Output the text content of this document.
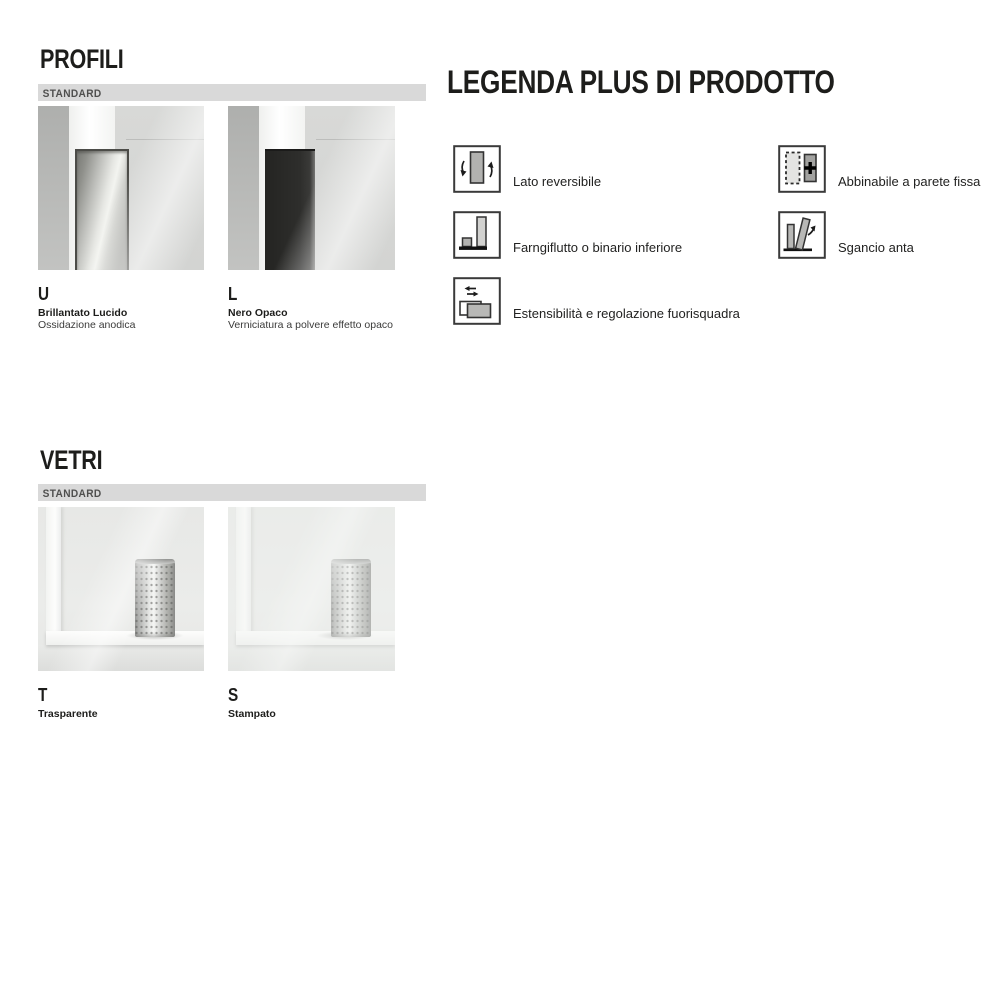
PROFILI
STANDARD
U
Brillantato Lucido
Ossidazione anodica
L
Nero Opaco
Verniciatura a polvere effetto opaco
LEGENDA PLUS DI PRODOTTO
Lato reversibile
Farngiflutto o binario inferiore
Estensibilità e regolazione fuorisquadra
Abbinabile a parete fissa
Sgancio anta
VETRI
STANDARD
T
Trasparente
S
Stampato
